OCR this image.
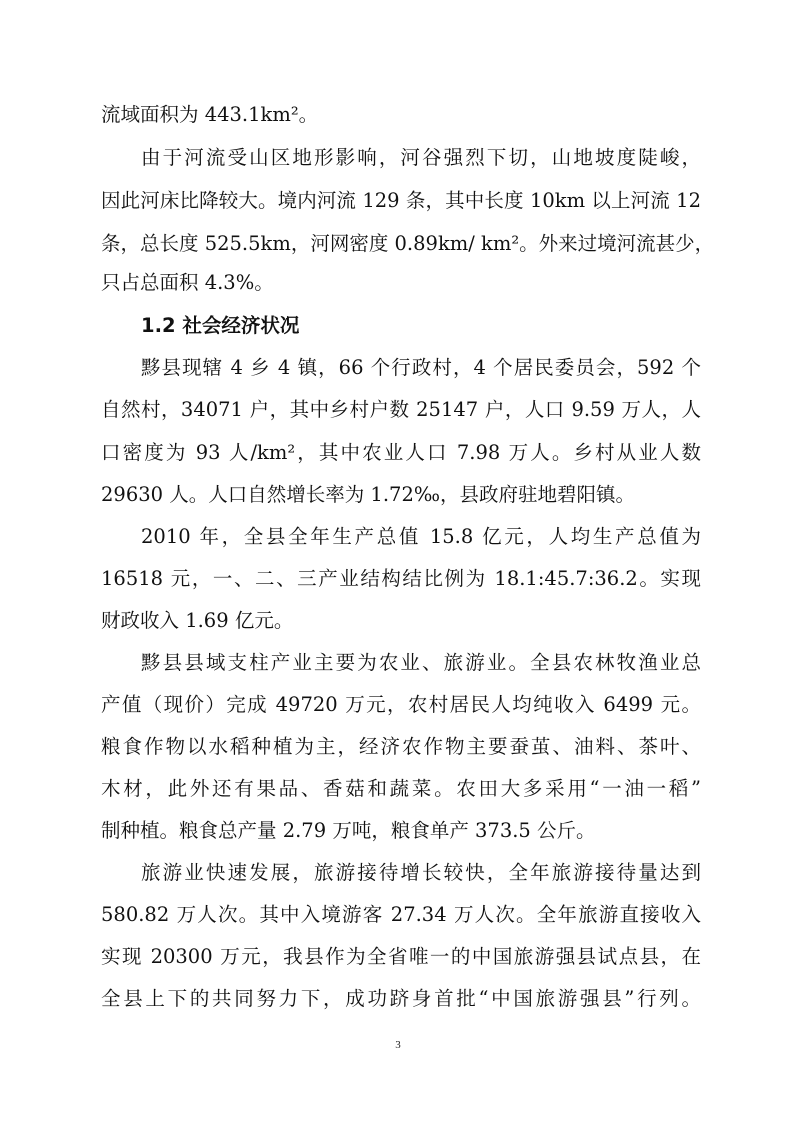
流域面积为 443.1km²。
由于河流受山区地形影响，河谷强烈下切，山地坡度陡峻，
因此河床比降较大。境内河流 129 条，其中长度 10km 以上河流 12
条，总长度 525.5km，河网密度 0.89km/ km²。外来过境河流甚少，
只占总面积 4.3%。
1.2 社会经济状况
黟县现辖 4 乡 4 镇，66 个行政村，4 个居民委员会，592 个
自然村，34071 户，其中乡村户数 25147 户，人口 9.59 万人，人
口密度为 93 人/km²，其中农业人口 7.98 万人。乡村从业人数
29630 人。人口自然增长率为 1.72‰，县政府驻地碧阳镇。
2010 年，全县全年生产总值 15.8 亿元，人均生产总值为
16518 元，一、二、三产业结构结比例为 18.1:45.7:36.2。实现
财政收入 1.69 亿元。
黟县县域支柱产业主要为农业、旅游业。全县农林牧渔业总
产值（现价）完成 49720 万元，农村居民人均纯收入 6499 元。
粮食作物以水稻种植为主，经济农作物主要蚕茧、油料、茶叶、
木材，此外还有果品、香菇和蔬菜。农田大多采用“一油一稻”
制种植。粮食总产量 2.79 万吨，粮食单产 373.5 公斤。
旅游业快速发展，旅游接待增长较快，全年旅游接待量达到
580.82 万人次。其中入境游客 27.34 万人次。全年旅游直接收入
实现 20300 万元，我县作为全省唯一的中国旅游强县试点县，在
全县上下的共同努力下，成功跻身首批“中国旅游强县”行列。
3
